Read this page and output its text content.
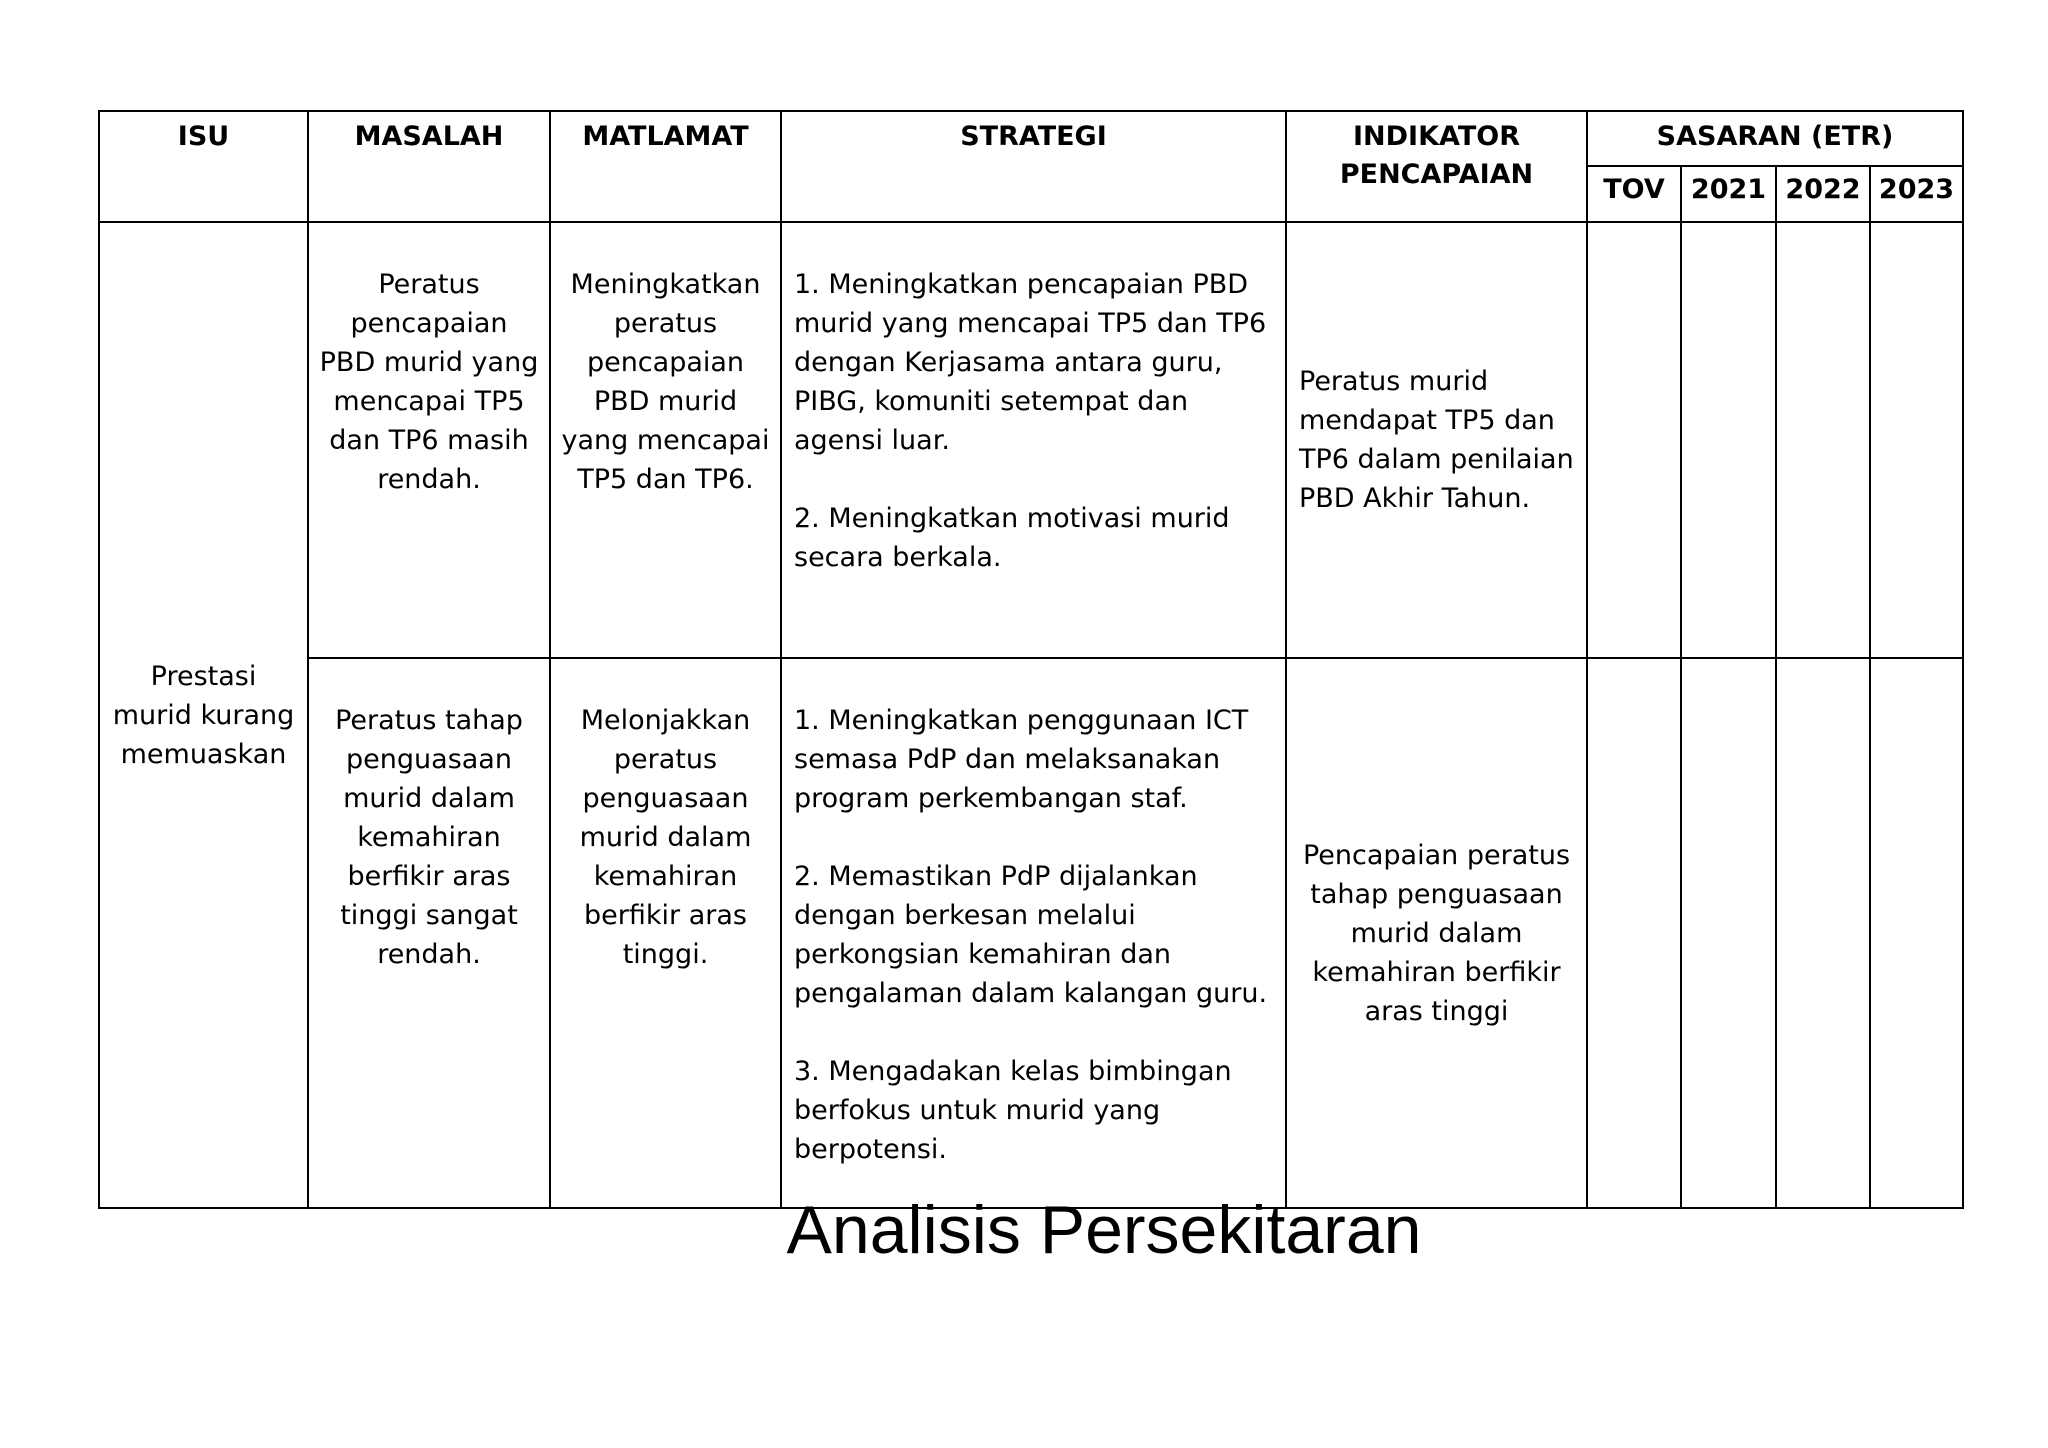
ISU	MASALAH	MATLAMAT	STRATEGI	INDIKATOR PENCAPAIAN	SASARAN (ETR)			
					TOV	2021	2022	2023
Prestasi murid kurang memuaskan	Peratus pencapaian PBD murid yang mencapai TP5 dan TP6 masih rendah.	Meningkatkan peratus pencapaian PBD murid yang mencapai TP5 dan TP6.	1. Meningkatkan pencapaian PBD murid yang mencapai TP5 dan TP6 dengan Kerjasama antara guru, PIBG, komuniti setempat dan agensi luar.

2. Meningkatkan motivasi murid secara berkala.	Peratus murid mendapat TP5 dan TP6 dalam penilaian PBD Akhir Tahun.				
	Peratus tahap penguasaan murid dalam kemahiran berfikir aras tinggi sangat rendah.	Melonjakkan peratus penguasaan murid dalam kemahiran berfikir aras tinggi.	1. Meningkatkan penggunaan ICT semasa PdP dan melaksanakan program perkembangan staf.

2. Memastikan PdP dijalankan dengan berkesan melalui perkongsian kemahiran dan pengalaman dalam kalangan guru.

3. Mengadakan kelas bimbingan berfokus untuk murid yang berpotensi.	Pencapaian peratus tahap penguasaan murid dalam kemahiran berfikir aras tinggi				
Analisis Persekitaran
